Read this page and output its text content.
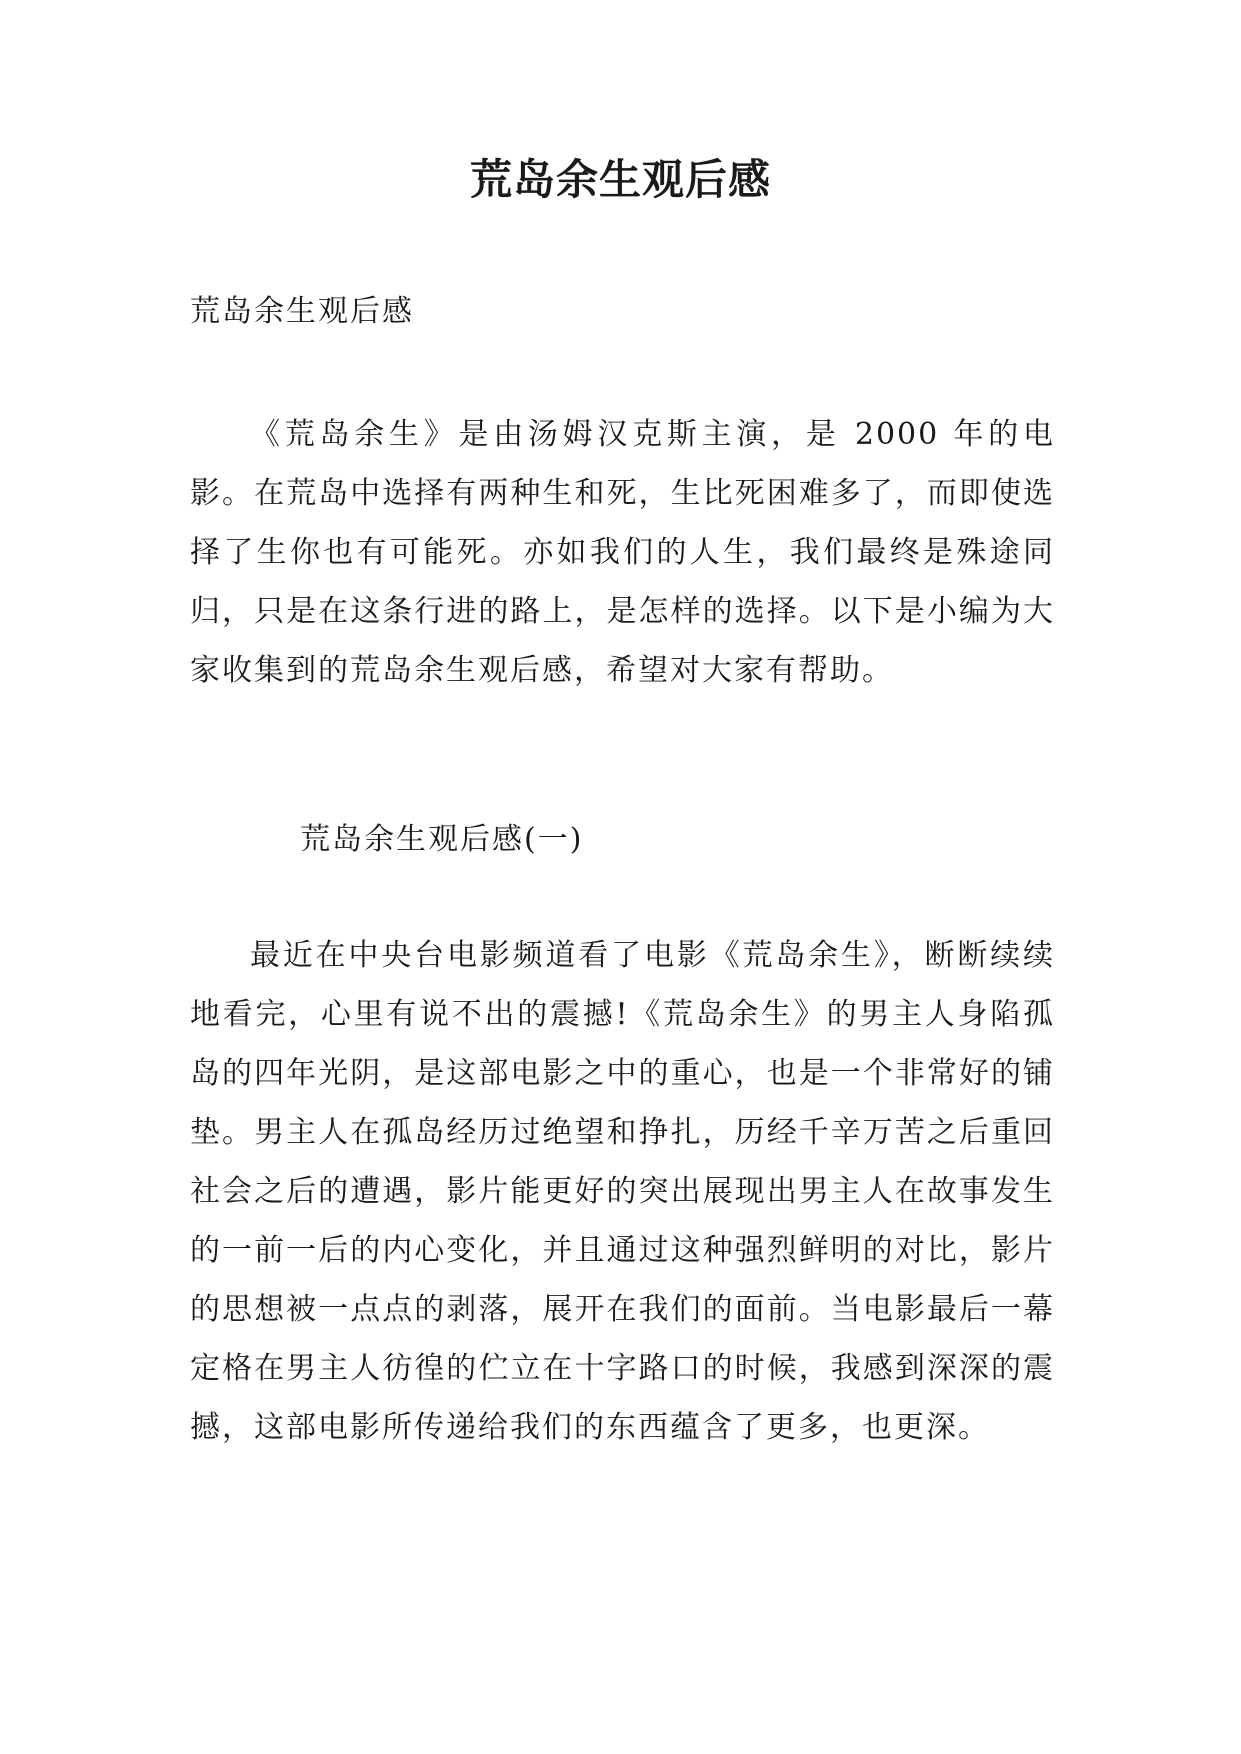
荒岛余生观后感

荒岛余生观后感

《荒岛余生》是由汤姆汉克斯主演，是 2000 年的电影。在荒岛中选择有两种生和死，生比死困难多了，而即使选择了生你也有可能死。亦如我们的人生，我们最终是殊途同归，只是在这条行进的路上，是怎样的选择。以下是小编为大家收集到的荒岛余生观后感，希望对大家有帮助。

荒岛余生观后感(一)

最近在中央台电影频道看了电影《荒岛余生》，断断续续地看完，心里有说不出的震撼!《荒岛余生》的男主人身陷孤岛的四年光阴，是这部电影之中的重心，也是一个非常好的铺垫。男主人在孤岛经历过绝望和挣扎，历经千辛万苦之后重回社会之后的遭遇，影片能更好的突出展现出男主人在故事发生的一前一后的内心变化，并且通过这种强烈鲜明的对比，影片的思想被一点点的剥落，展开在我们的面前。当电影最后一幕定格在男主人彷徨的伫立在十字路口的时候，我感到深深的震撼，这部电影所传递给我们的东西蕴含了更多，也更深。
